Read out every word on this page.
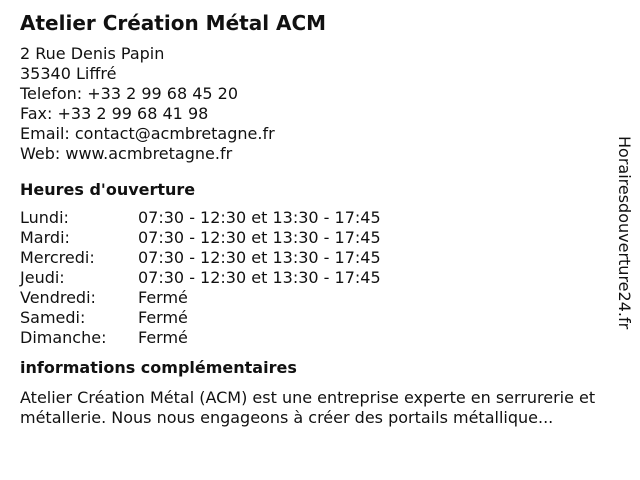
Atelier Création Métal ACM
2 Rue Denis Papin
35340 Liffré
Telefon: +33 2 99 68 45 20
Fax: +33 2 99 68 41 98
Email: contact@acmbretagne.fr
Web: www.acmbretagne.fr
Heures d'ouverture
Lundi:	07:30 - 12:30 et 13:30 - 17:45
Mardi:	07:30 - 12:30 et 13:30 - 17:45
Mercredi:	07:30 - 12:30 et 13:30 - 17:45
Jeudi:	07:30 - 12:30 et 13:30 - 17:45
Vendredi:	Fermé
Samedi:	Fermé
Dimanche:	Fermé
informations complémentaires
Atelier Création Métal (ACM) est une entreprise experte en serrurerie et métallerie. Nous nous engageons à créer des portails métallique...
Horairesdouverture24.fr
